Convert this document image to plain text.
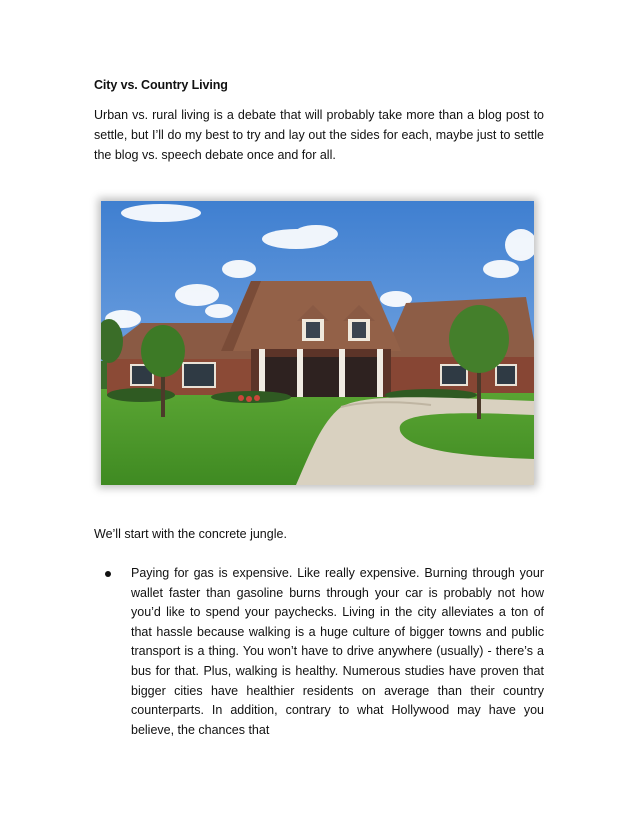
City vs. Country Living
Urban vs. rural living is a debate that will probably take more than a blog post to settle, but I’ll do my best to try and lay out the sides for each, maybe just to settle the blog vs. speech debate once and for all.
We’ll start with the concrete jungle.
Paying for gas is expensive. Like really expensive. Burning through your wallet faster than gasoline burns through your car is probably not how you’d like to spend your paychecks. Living in the city alleviates a ton of that hassle because walking is a huge culture of bigger towns and public transport is a thing. You won’t have to drive anywhere (usually) - there’s a bus for that. Plus, walking is healthy. Numerous studies have proven that bigger cities have healthier residents on average than their country counterparts. In addition, contrary to what Hollywood may have you believe, the chances that
